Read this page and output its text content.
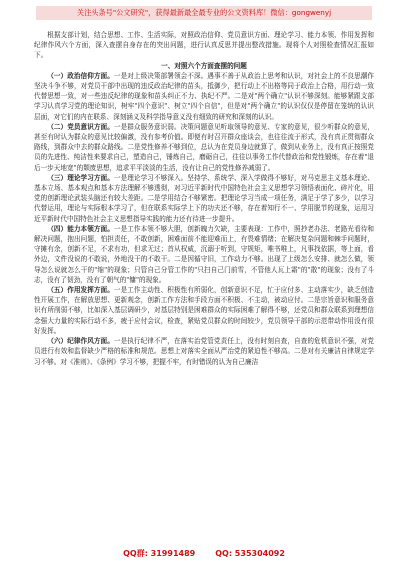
关注头条号"公文研究"，获得最新最全最专业的公文资料库！微信：gongwenyj

根据支部计划，结合思想、工作、生活实际，对照政治信仰、党员意识方面、理论学习、能力本领、作用发挥和纪律作风六个方面，深入查摆自身存在的突出问题，进行认真反思并提出整改措施。现将个人对照检查情况汇报如下。

一、对照六个方面查摆的问题

（一）政治信仰方面。一是对上级决策部署领会不深。遇事不善于从政治上思考和认识，对社会上的不良思潮作坚决斗争不够，对党员干部中出现的违反政治纪律的苗头，抵御少，把行动上不出格等同于政治上合格，用行动一致代替思想一致，对一些违反纪律的现象和苗头纠正不力、执纪不严。二是对"两个确立"认识不够深刻。能够紧跟支部学习认真学习党的理论知识，树牢"四个意识"、树立"四个自信"，但是对"两个确立"的认识仅仅是停留在笼统的认识层面，对它们的内在联系、深刻涵义及科学指导意义没有细致的研究和深刻的认识。

（二）党员意识方面。一是群众服务意识弱。决策问题意见听取领导的意见、专家的意见，很少听群众的意见，甚至有时认为群众的意见比较偏激，没有参考价值。即便有时召开群众座谈会，也往往流于形式，没有真正贯彻群众路线，到群众中去的群众路线。二是党性修养不够到位，总认为在党员身边就算了，做到从业务上，没有真正按照党员的先进性、纯洁性来要求自己，塑造自己，锤炼自己，磨砺自己，往往以事务工作代替政治和党性锻炼，存在着"退后一步天地宽"的颓废思想，追求平平淡淡的生活，没有让自己的党性修养减弱了。

（三）理论学习方面。一是理论学习不够深入。坚持学、系统学、深入学做得不够好，对马克思主义基本理论、基本立场、基本观点和基本方法理解不够透彻，对习近平新时代中国特色社会主义思想学习领悟表面化、碎片化，用党的创新理论武装头脑还有较大差距。二是学用结合不够紧密。把理论学习当成一项任务，满足于学了多少，以学习代替运用，理论与实际根本学习了，但在联系实际学上下的功夫还不够，存在着知行不一、学用脱节的现象，运用习近平新时代中国特色社会主义思想指导实践的能力还有待进一步提升。

（四）能力本领方面。一是工作本领不够大胆，创新魄力欠缺，主要表现：工作中，照抄老办法、老路光看待和解决问题，抱出问题，怕担责任，不敢创新，困难面前不能迎难而上，有畏难情绪；在解决复杂问题和棘手问题时，守摊有余，创新不足，不求有功，但求无过；首从权威，沉溺于听到，守规矩，唯书唯上，凡事找依据，等上面，看外边，文件没说的不敢说，外地没干的不敢干。二是因循守旧，工作动力不够。出现了上级怎么安排、就怎么做，领导怎么说就怎么干的"缩"的现象；只管自己分管工作的"只扫自己门前雪，不管他人瓦上霜"的"散"的现象；没有了斗志，没有了韧劲，没有了朝气的"慵"的现象。

（五）作用发挥方面。一是工作主动性、积极性有所弱化，创新意识不足，忙于应付多、主动落实少，缺乏创造性开展工作，在解放思想、更新观念，创新工作方法和手段方面不积极、不主动，被动应付。二是宗旨意识和服务意识有所削弱不够，比如深入基层调研少，对基层特别是困难群众的实际困难了解得不够，还党员和群众联系到理想信念强大力量的实际行动不多，疲于应付会议，检查，紧贴党员群众的时间较少，党员领导干部的示范带动作用没有很好发挥。

（六）纪律作风方面。一是执行纪律不严，在落实治党管党责任上，没有时刻自查，自查的危机意识不强，对党员进行有效和监督缺少严格的标准和规范。思想上对落实全面从严治党的紧迫性不够高。二是对有关廉洁自律规定学习不够。对《准则》、《条例》学习不够，把握不牢，有时错误的认为自己廉洁

QQ群: 31991489	QQ: 535304092
